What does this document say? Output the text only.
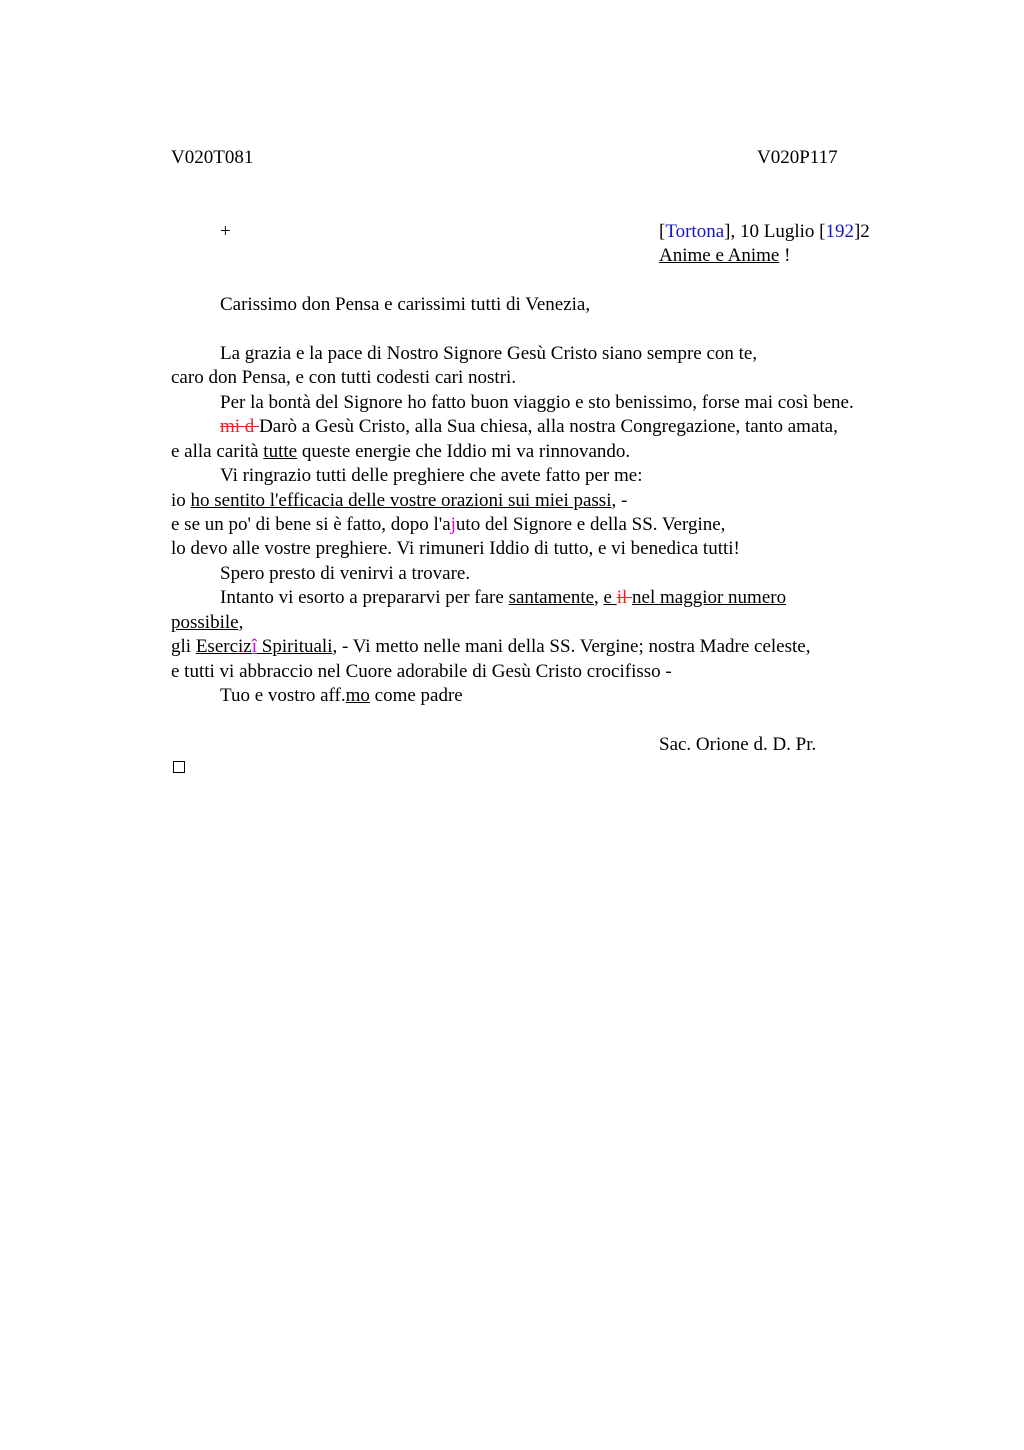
V020T081	V020P117
+	[Tortona], 10 Luglio [192]2
Anime e Anime !
Carissimo don Pensa e carissimi tutti di Venezia,
La grazia e la pace di Nostro Signore Gesù Cristo siano sempre con te,
caro don Pensa, e con tutti codesti cari nostri.
Per la bontà del Signore ho fatto buon viaggio e sto benissimo, forse mai così bene.
mi d Darò a Gesù Cristo, alla Sua chiesa, alla nostra Congregazione, tanto amata,
e alla carità tutte queste energie che Iddio mi va rinnovando.
Vi ringrazio tutti delle preghiere che avete fatto per me:
io ho sentito l'efficacia delle vostre orazioni sui miei passi, -
e se un po' di bene si è fatto, dopo l'ajuto del Signore e della SS. Vergine,
lo devo alle vostre preghiere. Vi rimuneri Iddio di tutto, e vi benedica tutti!
Spero presto di venirvi a trovare.
Intanto vi esorto a prepararvi per fare santamente, e il nel maggior numero
possibile,
gli Esercizî Spirituali, - Vi metto nelle mani della SS. Vergine; nostra Madre celeste,
e tutti vi abbraccio nel Cuore adorabile di Gesù Cristo crocifisso -
Tuo e vostro aff.mo come padre
Sac. Orione d. D. Pr.
